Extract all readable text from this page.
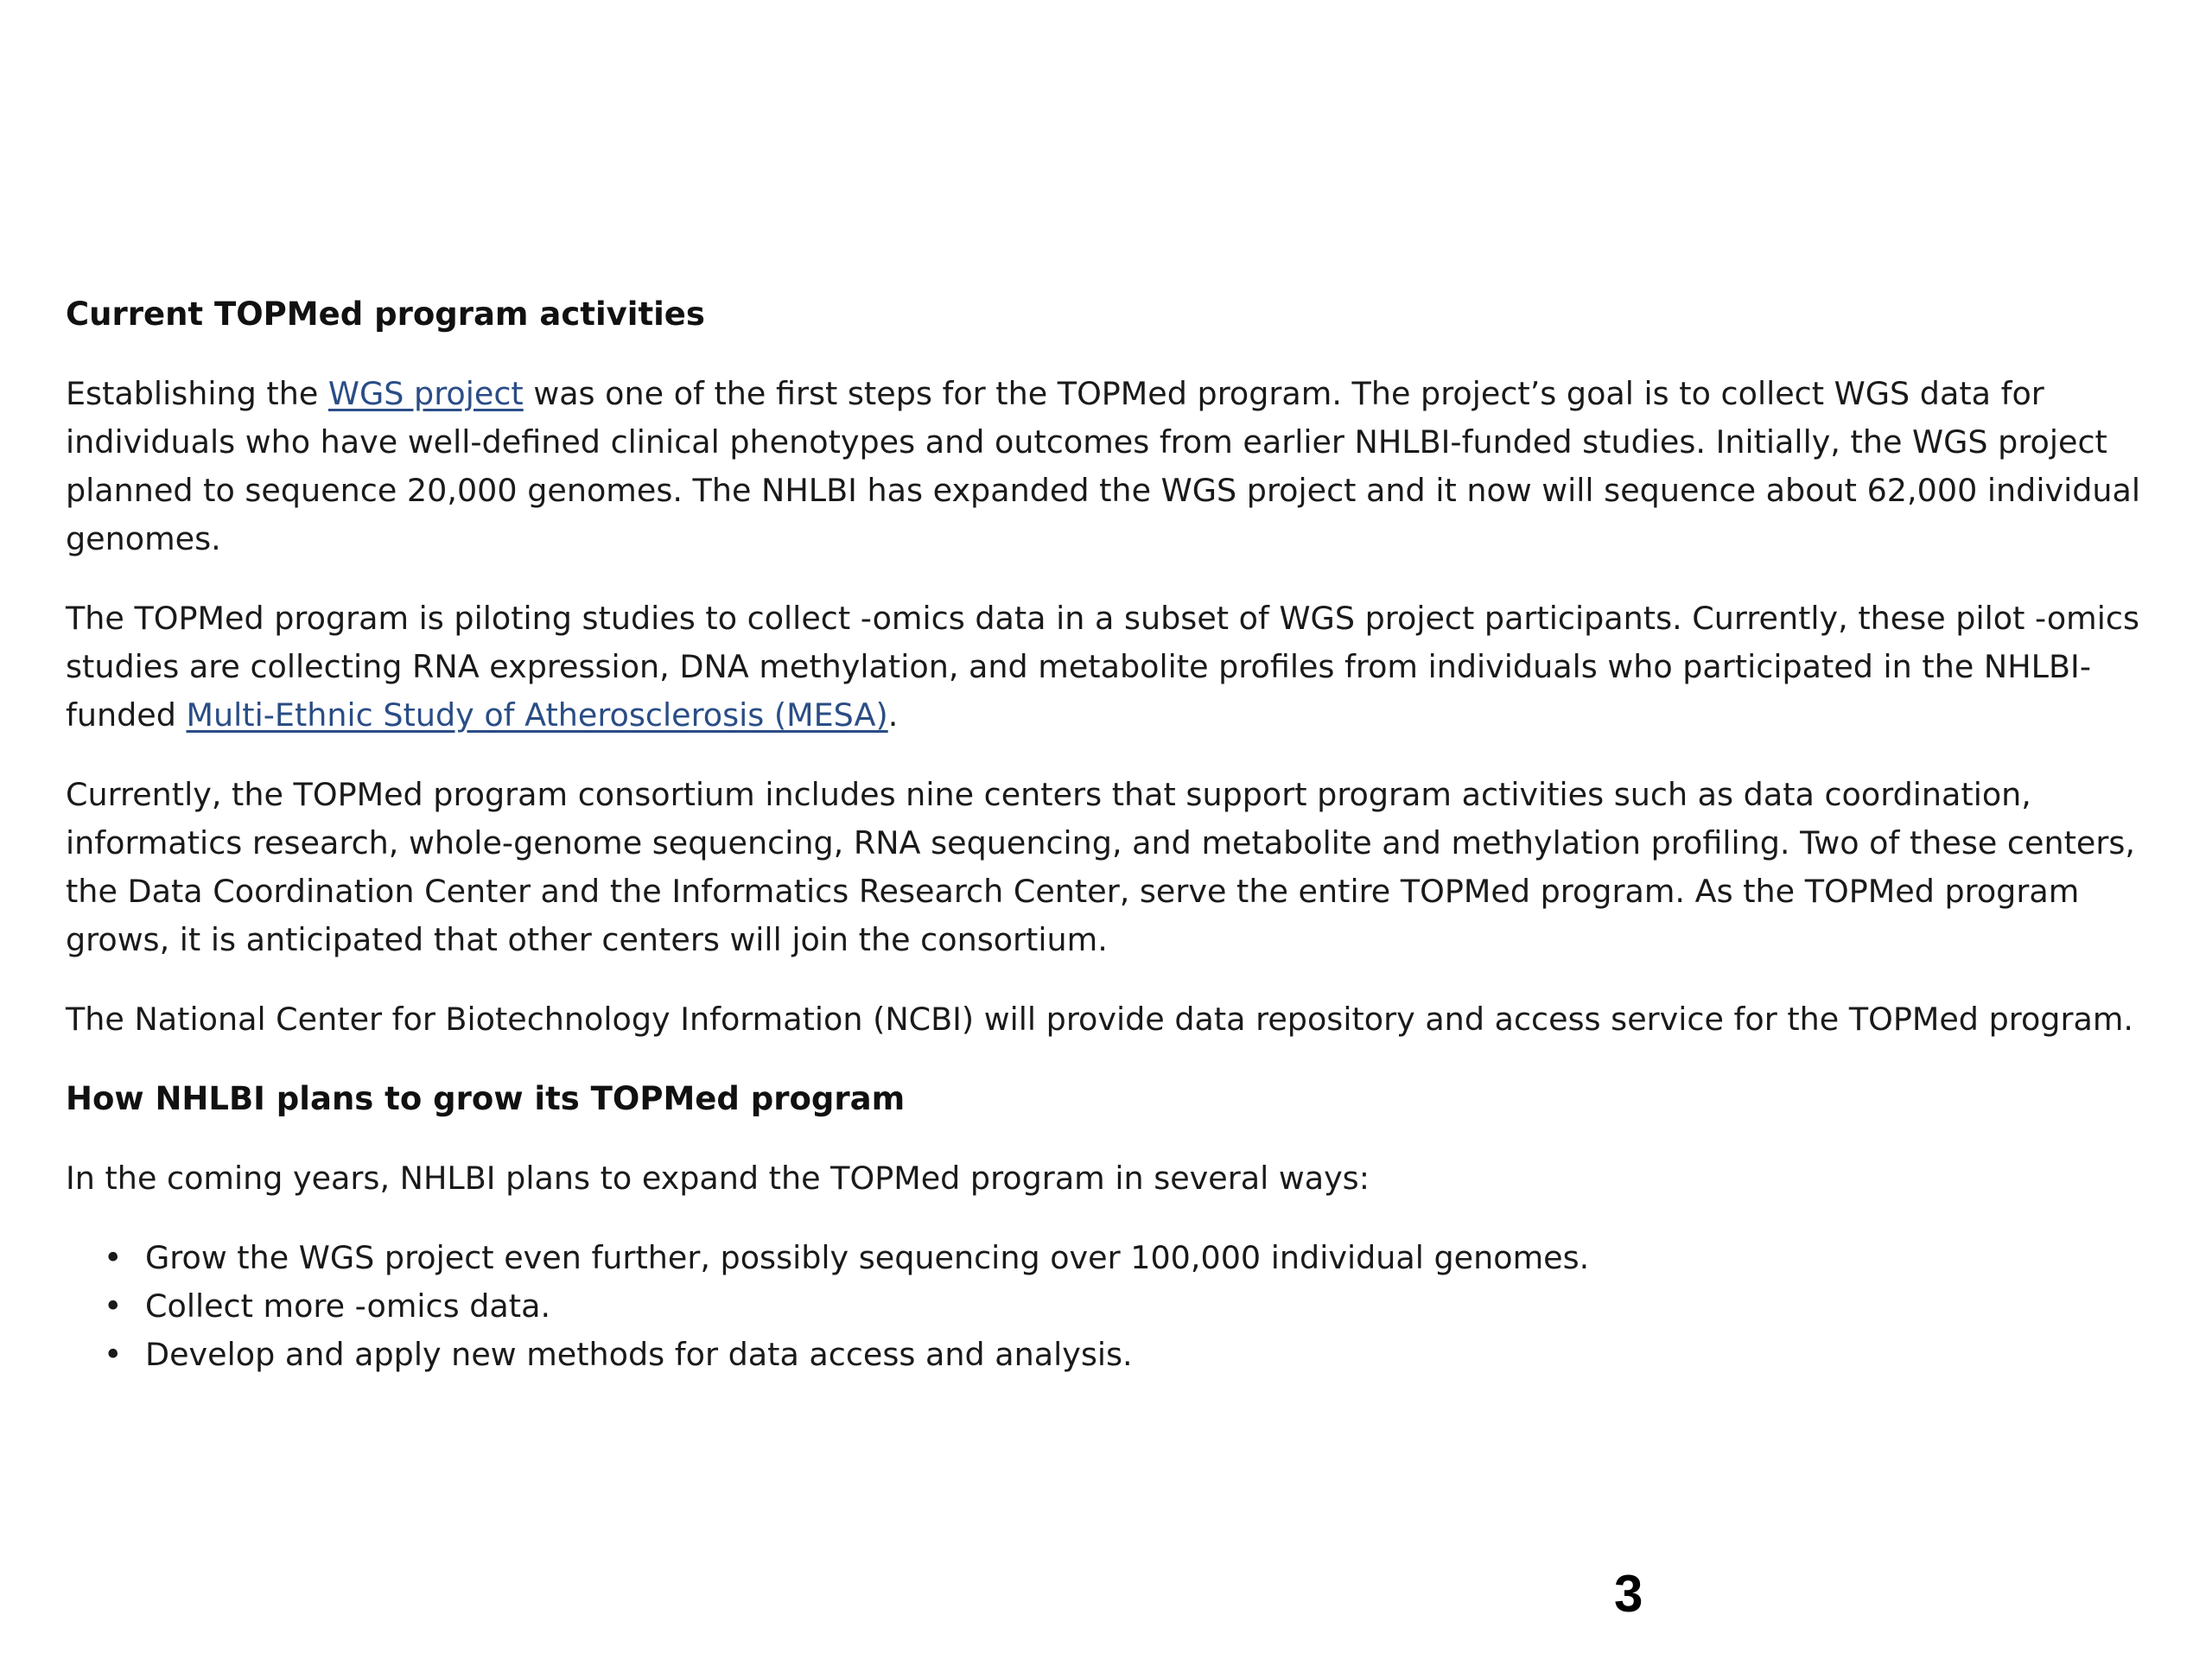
Current TOPMed program activities

Establishing the WGS project was one of the first steps for the TOPMed program. The project’s goal is to collect WGS data for individuals who have well-defined clinical phenotypes and outcomes from earlier NHLBI-funded studies. Initially, the WGS project planned to sequence 20,000 genomes. The NHLBI has expanded the WGS project and it now will sequence about 62,000 individual genomes.

The TOPMed program is piloting studies to collect -omics data in a subset of WGS project participants. Currently, these pilot -omics studies are collecting RNA expression, DNA methylation, and metabolite profiles from individuals who participated in the NHLBI-funded Multi-Ethnic Study of Atherosclerosis (MESA).

Currently, the TOPMed program consortium includes nine centers that support program activities such as data coordination, informatics research, whole-genome sequencing, RNA sequencing, and metabolite and methylation profiling. Two of these centers, the Data Coordination Center and the Informatics Research Center, serve the entire TOPMed program. As the TOPMed program grows, it is anticipated that other centers will join the consortium.

The National Center for Biotechnology Information (NCBI) will provide data repository and access service for the TOPMed program.

How NHLBI plans to grow its TOPMed program

In the coming years, NHLBI plans to expand the TOPMed program in several ways:

• Grow the WGS project even further, possibly sequencing over 100,000 individual genomes.
• Collect more -omics data.
• Develop and apply new methods for data access and analysis.
3
